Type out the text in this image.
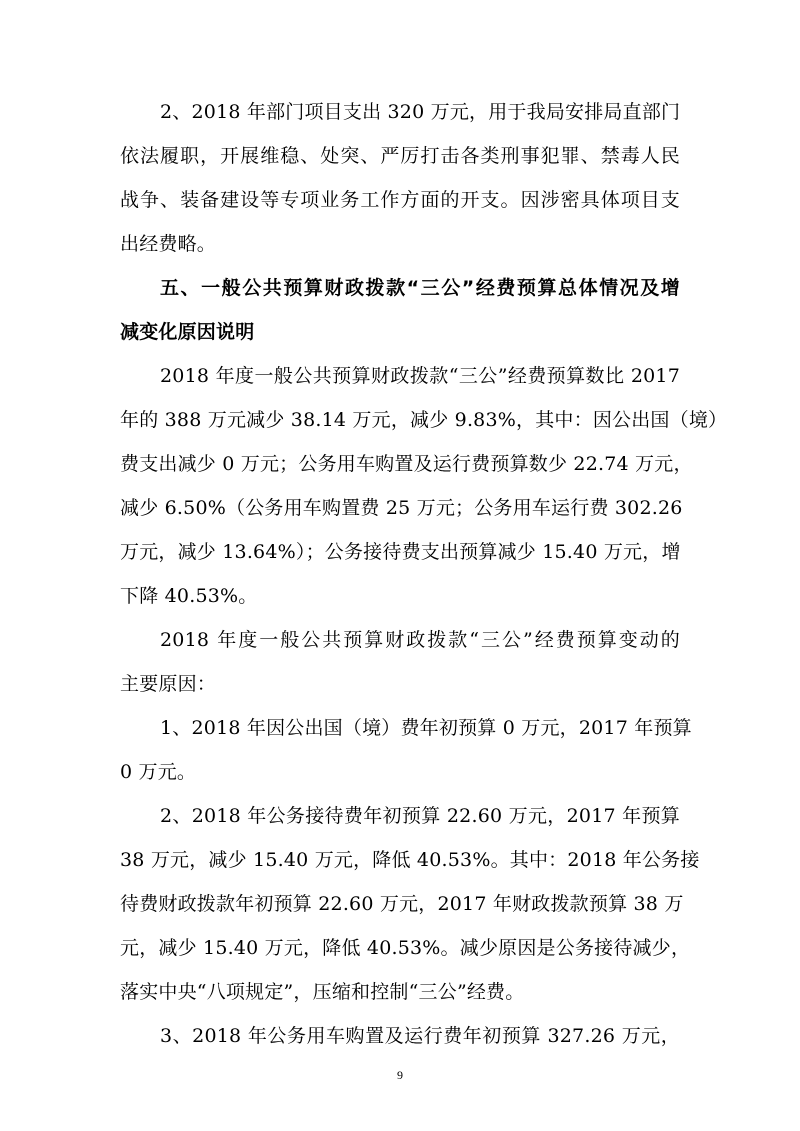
2、2018 年部门项目支出 320 万元，用于我局安排局直部门
依法履职，开展维稳、处突、严厉打击各类刑事犯罪、禁毒人民
战争、装备建设等专项业务工作方面的开支。因涉密具体项目支
出经费略。
五、一般公共预算财政拨款“三公”经费预算总体情况及增
减变化原因说明
2018 年度一般公共预算财政拨款“三公”经费预算数比 2017
年的 388 万元减少 38.14 万元，减少 9.83%，其中：因公出国（境）
费支出减少 0 万元；公务用车购置及运行费预算数少 22.74 万元，
减少 6.50%（公务用车购置费 25 万元；公务用车运行费 302.26
万元，减少 13.64%）；公务接待费支出预算减少 15.40 万元，增
下降 40.53%。
2018 年度一般公共预算财政拨款“三公”经费预算变动的
主要原因：
1、2018 年因公出国（境）费年初预算 0 万元，2017 年预算
0 万元。
2、2018 年公务接待费年初预算 22.60 万元，2017 年预算
38 万元，减少 15.40 万元，降低 40.53%。其中：2018 年公务接
待费财政拨款年初预算 22.60 万元，2017 年财政拨款预算 38 万
元，减少 15.40 万元，降低 40.53%。减少原因是公务接待减少，
落实中央“八项规定”，压缩和控制“三公”经费。
3、2018 年公务用车购置及运行费年初预算 327.26 万元，
9
